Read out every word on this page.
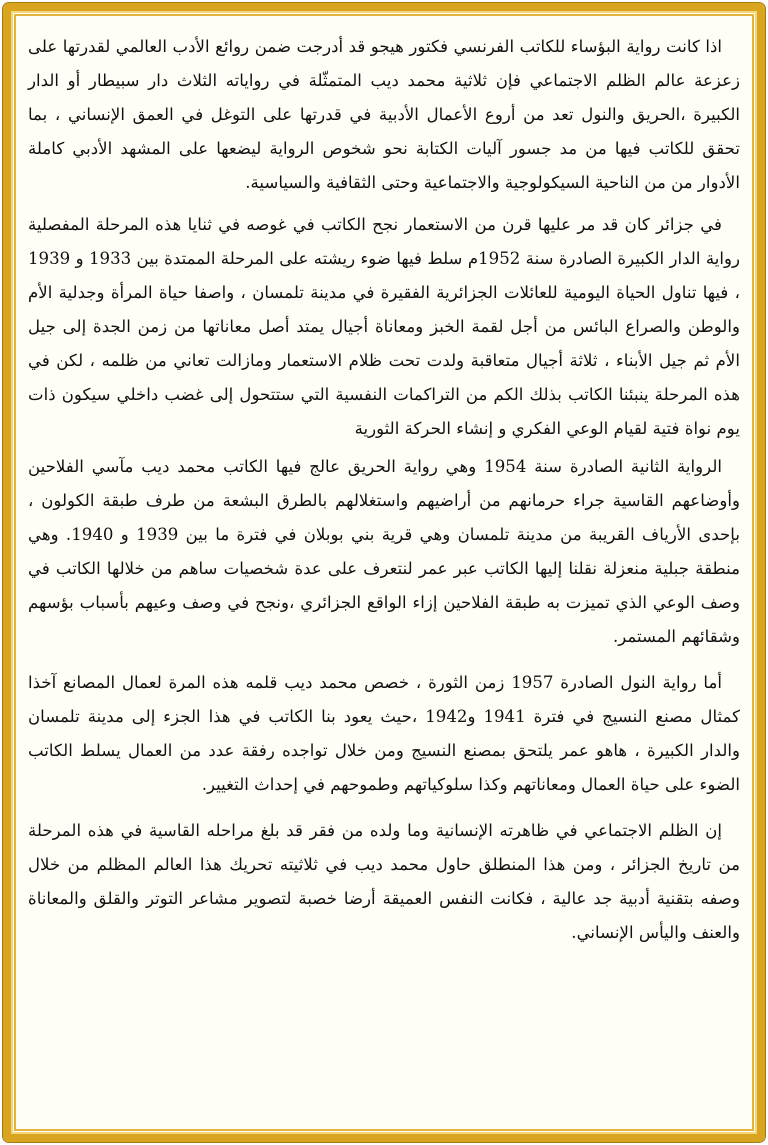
اذا كانت رواية البؤساء للكاتب الفرنسي فكتور هيجو قد أدرجت ضمن روائع الأدب العالمي لقدرتها على زعزعة عالم الظلم الاجتماعي فإن ثلاثية محمد ديب المتمثّلة في رواياته الثلاث دار سبيطار أو الدار الكبيرة ،الحريق والنول تعد من أروع الأعمال الأدبية في قدرتها على التوغل في العمق الإنساني ، بما تحقق للكاتب فيها من مد جسور آليات الكتابة نحو شخوص الرواية ليضعها على المشهد الأدبي كاملة الأدوار من من الناحية السيكولوجية والاجتماعية وحتى الثقافية والسياسية.

في جزائر كان قد مر عليها قرن من الاستعمار نجح الكاتب في غوصه في ثنايا هذه المرحلة المفصلية رواية الدار الكبيرة الصادرة سنة 1952م سلط فيها ضوء ريشته على المرحلة الممتدة بين 1933 و 1939 ، فيها تناول الحياة اليومية للعائلات الجزائرية الفقيرة في مدينة تلمسان ، واصفا حياة المرأة وجدلية الأم والوطن والصراع البائس من أجل لقمة الخبز ومعاناة أجيال يمتد أصل معاناتها من زمن الجدة إلى جيل الأم ثم جيل الأبناء ، ثلاثة أجيال متعاقبة ولدت تحت ظلام الاستعمار ومازالت تعاني من ظلمه ، لكن في هذه المرحلة ينبئنا الكاتب بذلك الكم من التراكمات النفسية التي ستتحول إلى غضب داخلي سيكون ذات يوم نواة فتية لقيام الوعي الفكري و إنشاء الحركة الثورية

الرواية الثانية الصادرة سنة 1954 وهي رواية الحريق عالج فيها الكاتب محمد ديب مآسي الفلاحين وأوضاعهم القاسية جراء حرمانهم من أراضيهم واستغلالهم بالطرق البشعة من طرف طبقة الكولون ، بإحدى الأرياف القريبة من مدينة تلمسان وهي قرية بني بوبلان في فترة ما بين 1939 و 1940. وهي منطقة جبلية منعزلة نقلنا إليها الكاتب عبر عمر لنتعرف على عدة شخصيات ساهم من خلالها الكاتب في وصف الوعي الذي تميزت به طبقة الفلاحين إزاء الواقع الجزائري ،ونجح في وصف وعيهم بأسباب بؤسهم وشقائهم المستمر.

أما رواية النول الصادرة 1957 زمن الثورة ، خصص محمد ديب قلمه هذه المرة لعمال المصانع آخذا كمثال مصنع النسيج في فترة 1941 و1942 ،حيث يعود بنا الكاتب في هذا الجزء إلى مدينة تلمسان والدار الكبيرة ، هاهو عمر يلتحق بمصنع النسيج ومن خلال تواجده رفقة عدد من العمال يسلط الكاتب الضوء على حياة العمال ومعاناتهم وكذا سلوكياتهم وطموحهم في إحداث التغيير.

إن الظلم الاجتماعي في ظاهرته الإنسانية وما ولده من فقر قد بلغ مراحله القاسية في هذه المرحلة من تاريخ الجزائر ، ومن هذا المنطلق حاول محمد ديب في ثلاثيته تحريك هذا العالم المظلم من خلال وصفه بتقنية أدبية جد عالية ، فكانت النفس العميقة أرضا خصبة لتصوير مشاعر التوتر والقلق والمعاناة والعنف واليأس الإنساني.
